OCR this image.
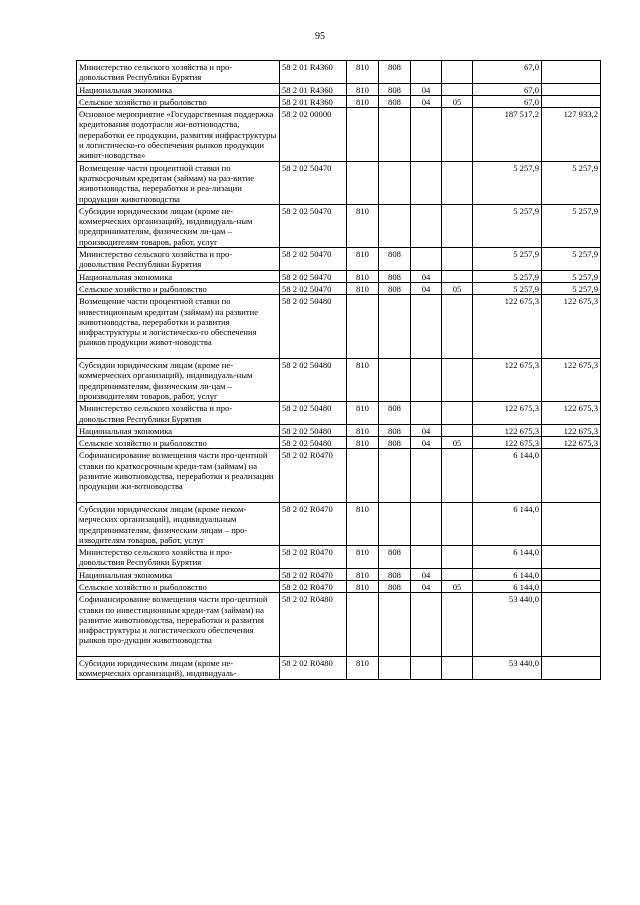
95
Министерство сельского хозяйства и про-довольствия Республики Бурятия	58 2 01 R4360	810	808			67,0	
Национальная экономика	58 2 01 R4360	810	808	04		67,0	
Сельское хозяйство и рыболовство	58 2 01 R4360	810	808	04	05	67,0	
Основное мероприятие «Государственная поддержка кредитования подотрасли жи-вотноводства, переработки ее продукции, развития инфраструктуры и логистическо-го обеспечения рынков продукции живот-новодства»	58 2 02 00000					187 517,2	127 933,2
Возмещение части процентной ставки по краткосрочным кредитам (займам) на раз-витие животноводства, переработки и реа-лизации продукции животноводства	58 2 02 50470					5 257,9	5 257,9
Субсидии юридическим лицам (кроме не-коммерческих организаций), индивидуаль-ным предпринимателям, физическим ли-цам – производителям товаров, работ, услуг	58 2 02 50470	810				5 257,9	5 257,9
Министерство сельского хозяйства и про-довольствия Республики Бурятия	58 2 02 50470	810	808			5 257,9	5 257,9
Национальная экономика	58 2 02 50470	810	808	04		5 257,9	5 257,9
Сельское хозяйство и рыболовство	58 2 02 50470	810	808	04	05	5 257,9	5 257,9
Возмещение части процентной ставки по инвестиционным кредитам (займам) на развитие животноводства, переработки и развития инфраструктуры и логистическо-го обеспечения рынков продукции живот-новодства	58 2 02 50480					122 675,3	122 675,3
Субсидии юридическим лицам (кроме не-коммерческих организаций), индивидуаль-ным предпринимателям, физическим ли-цам – производителям товаров, работ, услуг	58 2 02 50480	810				122 675,3	122 675,3
Министерство сельского хозяйства и про-довольствия Республики Бурятия	58 2 02 50480	810	808			122 675,3	122 675,3
Национальная экономика	58 2 02 50480	810	808	04		122 675,3	122 675,3
Сельское хозяйство и рыболовство	58 2 02 50480	810	808	04	05	122 675,3	122 675,3
Софинансирование возмещения части про-центной ставки по краткосрочным креди-там (займам) на развитие животноводства, переработки и реализации продукции жи-вотноводства	58 2 02 R0470					6 144,0	
Субсидии юридическим лицам (кроме неком-мерческих организаций), индивидуальным предпринимателям, физическим лицам – про-изводителям товаров, работ, услуг	58 2 02 R0470	810				6 144,0	
Министерство сельского хозяйства и про-довольствия Республики Бурятия	58 2 02 R0470	810	808			6 144,0	
Национальная экономика	58 2 02 R0470	810	808	04		6 144,0	
Сельское хозяйство и рыболовство	58 2 02 R0470	810	808	04	05	6 144,0	
Софинансирование возмещения части про-центной ставки по инвестиционным креди-там (займам) на развитие животноводства, переработки и развития инфраструктуры и логистического обеспечения рынков про-дукции животноводства	58 2 02 R0480					53 440,0	
Субсидии юридическим лицам (кроме не-коммерческих организаций), индивидуаль-	58 2 02 R0480	810				53 440,0	
